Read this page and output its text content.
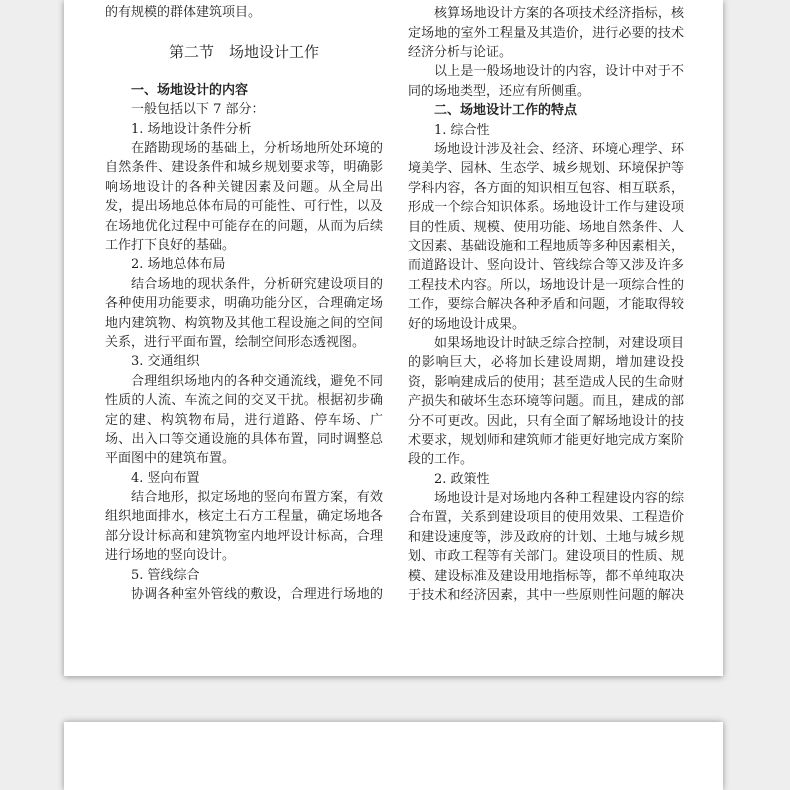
的有规模的群体建筑项目。
第二节　场地设计工作
一、场地设计的内容
一般包括以下 7 部分：
1. 场地设计条件分析
在踏勘现场的基础上，分析场地所处环境的
自然条件、建设条件和城乡规划要求等，明确影
响场地设计的各种关键因素及问题。从全局出
发，提出场地总体布局的可能性、可行性，以及
在场地优化过程中可能存在的问题，从而为后续
工作打下良好的基础。
2. 场地总体布局
结合场地的现状条件，分析研究建设项目的
各种使用功能要求，明确功能分区，合理确定场
地内建筑物、构筑物及其他工程设施之间的空间
关系，进行平面布置，绘制空间形态透视图。
3. 交通组织
合理组织场地内的各种交通流线，避免不同
性质的人流、车流之间的交叉干扰。根据初步确
定的建、构筑物布局，进行道路、停车场、广
场、出入口等交通设施的具体布置，同时调整总
平面图中的建筑布置。
4. 竖向布置
结合地形，拟定场地的竖向布置方案，有效
组织地面排水，核定土石方工程量，确定场地各
部分设计标高和建筑物室内地坪设计标高，合理
进行场地的竖向设计。
5. 管线综合
协调各种室外管线的敷设，合理进行场地的
核算场地设计方案的各项技术经济指标，核
定场地的室外工程量及其造价，进行必要的技术
经济分析与论证。
以上是一般场地设计的内容，设计中对于不
同的场地类型，还应有所侧重。
二、场地设计工作的特点
1. 综合性
场地设计涉及社会、经济、环境心理学、环
境美学、园林、生态学、城乡规划、环境保护等
学科内容，各方面的知识相互包容、相互联系，
形成一个综合知识体系。场地设计工作与建设项
目的性质、规模、使用功能、场地自然条件、人
文因素、基础设施和工程地质等多种因素相关，
而道路设计、竖向设计、管线综合等又涉及许多
工程技术内容。所以，场地设计是一项综合性的
工作，要综合解决各种矛盾和问题，才能取得较
好的场地设计成果。
如果场地设计时缺乏综合控制，对建设项目
的影响巨大，必将加长建设周期，增加建设投
资，影响建成后的使用；甚至造成人民的生命财
产损失和破坏生态环境等问题。而且，建成的部
分不可更改。因此，只有全面了解场地设计的技
术要求，规划师和建筑师才能更好地完成方案阶
段的工作。
2. 政策性
场地设计是对场地内各种工程建设内容的综
合布置，关系到建设项目的使用效果、工程造价
和建设速度等，涉及政府的计划、土地与城乡规
划、市政工程等有关部门。建设项目的性质、规
模、建设标准及建设用地指标等，都不单纯取决
于技术和经济因素，其中一些原则性问题的解决
